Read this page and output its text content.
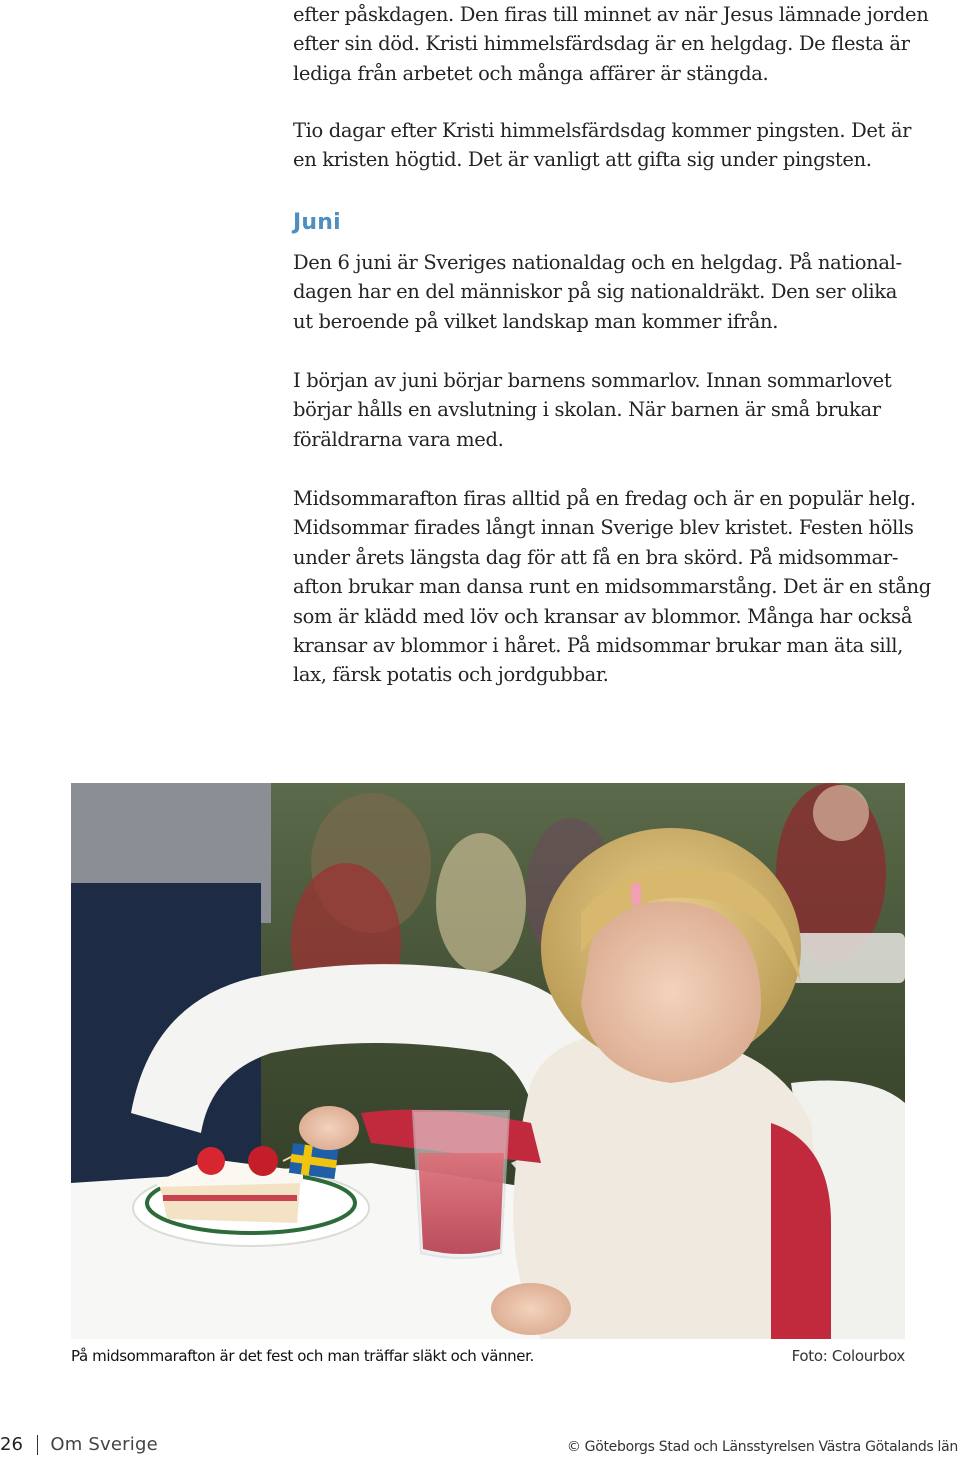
efter påskdagen. Den firas till minnet av när Jesus lämnade jorden
efter sin död. Kristi himmelsfärdsdag är en helgdag. De flesta är
lediga från arbetet och många affärer är stängda.
Tio dagar efter Kristi himmelsfärdsdag kommer pingsten. Det är
en kristen högtid. Det är vanligt att gifta sig under pingsten.
Juni
Den 6 juni är Sveriges nationaldag och en helgdag. På national-
dagen har en del människor på sig nationaldräkt. Den ser olika
ut beroende på vilket landskap man kommer ifrån.
I början av juni börjar barnens sommarlov. Innan sommarlovet
börjar hålls en avslutning i skolan. När barnen är små brukar
föräldrarna vara med.
Midsommarafton firas alltid på en fredag och är en populär helg.
Midsommar firades långt innan Sverige blev kristet. Festen hölls
under årets längsta dag för att få en bra skörd. På midsommar-
afton brukar man dansa runt en midsommarstång. Det är en stång
som är klädd med löv och kransar av blommor. Många har också
kransar av blommor i håret. På midsommar brukar man äta sill,
lax, färsk potatis och jordgubbar.
På midsommarafton är det fest och man träffar släkt och vänner.	Foto: Colourbox
26 Om Sverige	© Göteborgs Stad och Länsstyrelsen Västra Götalands län
